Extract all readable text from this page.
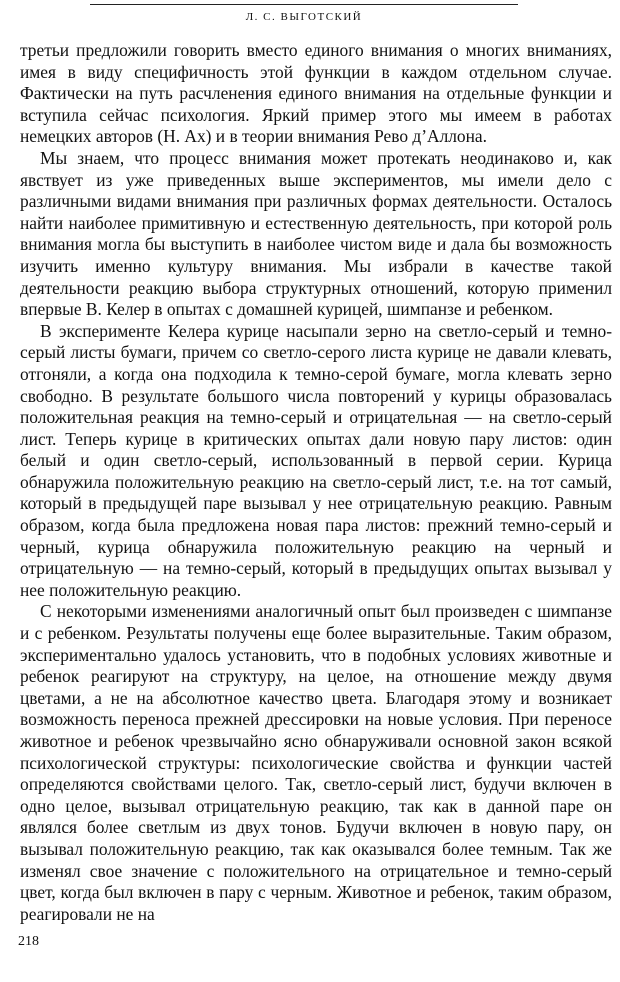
Л. С. ВЫГОТСКИЙ

третьи предложили говорить вместо единого внимания о многих вниманиях, имея в виду специфичность этой функции в каждом отдельном случае. Фактически на путь расчленения единого внимания на отдельные функции и вступила сейчас психология. Яркий пример этого мы имеем в работах немецких авторов (Н. Ах) и в теории внимания Рево д’Аллона.

Мы знаем, что процесс внимания может протекать неодинаково и, как явствует из уже приведенных выше экспериментов, мы имели дело с различными видами внимания при различных формах деятельности. Осталось найти наиболее примитивную и естественную деятельность, при которой роль внимания могла бы выступить в наиболее чистом виде и дала бы возможность изучить именно культуру внимания. Мы избрали в качестве такой деятельности реакцию выбора структурных отношений, которую применил впервые В. Келер в опытах с домашней курицей, шимпанзе и ребенком.

В эксперименте Келера курице насыпали зерно на светло-серый и темно-серый листы бумаги, причем со светло-серого листа курице не давали клевать, отгоняли, а когда она подходила к темно-серой бумаге, могла клевать зерно свободно. В результате большого числа повторений у курицы образовалась положительная реакция на темно-серый и отрицательная — на светло-серый лист. Теперь курице в критических опытах дали новую пару листов: один белый и один светло-серый, использованный в первой серии. Курица обнаружила положительную реакцию на светло-серый лист, т.е. на тот самый, который в предыдущей паре вызывал у нее отрицательную реакцию. Равным образом, когда была предложена новая пара листов: прежний темно-серый и черный, курица обнаружила положительную реакцию на черный и отрицательную — на темно-серый, который в предыдущих опытах вызывал у нее положительную реакцию.

С некоторыми изменениями аналогичный опыт был произведен с шимпанзе и с ребенком. Результаты получены еще более выразительные. Таким образом, экспериментально удалось установить, что в подобных условиях животные и ребенок реагируют на структуру, на целое, на отношение между двумя цветами, а не на абсолютное качество цвета. Благодаря этому и возникает возможность переноса прежней дрессировки на новые условия. При переносе животное и ребенок чрезвычайно ясно обнаруживали основной закон всякой психологической структуры: психологические свойства и функции частей определяются свойствами целого. Так, светло-серый лист, будучи включен в одно целое, вызывал отрицательную реакцию, так как в данной паре он являлся более светлым из двух тонов. Будучи включен в новую пару, он вызывал положительную реакцию, так как оказывался более темным. Так же изменял свое значение с положительного на отрицательное и темно-серый цвет, когда был включен в пару с черным. Животное и ребенок, таким образом, реагировали не на

218
